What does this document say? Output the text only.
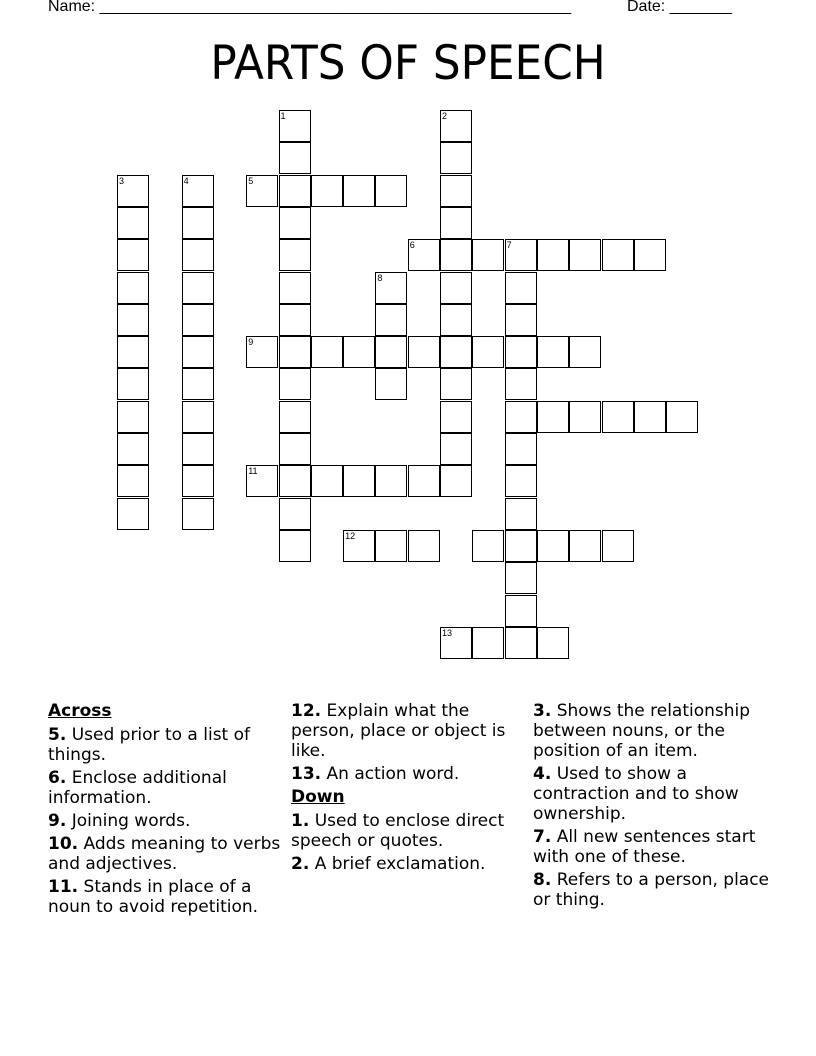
Name: _____________________________________________________	Date: _______
PARTS OF SPEECH
1	2
3	4	5
6	7
8
9
11
12
13
Across
5. Used prior to a list of things.
6. Enclose additional information.
9. Joining words.
10. Adds meaning to verbs and adjectives.
11. Stands in place of a noun to avoid repetition.
12. Explain what the person, place or object is like.
13. An action word.
Down
1. Used to enclose direct speech or quotes.
2. A brief exclamation.
3. Shows the relationship between nouns, or the position of an item.
4. Used to show a contraction and to show ownership.
7. All new sentences start with one of these.
8. Refers to a person, place or thing.
